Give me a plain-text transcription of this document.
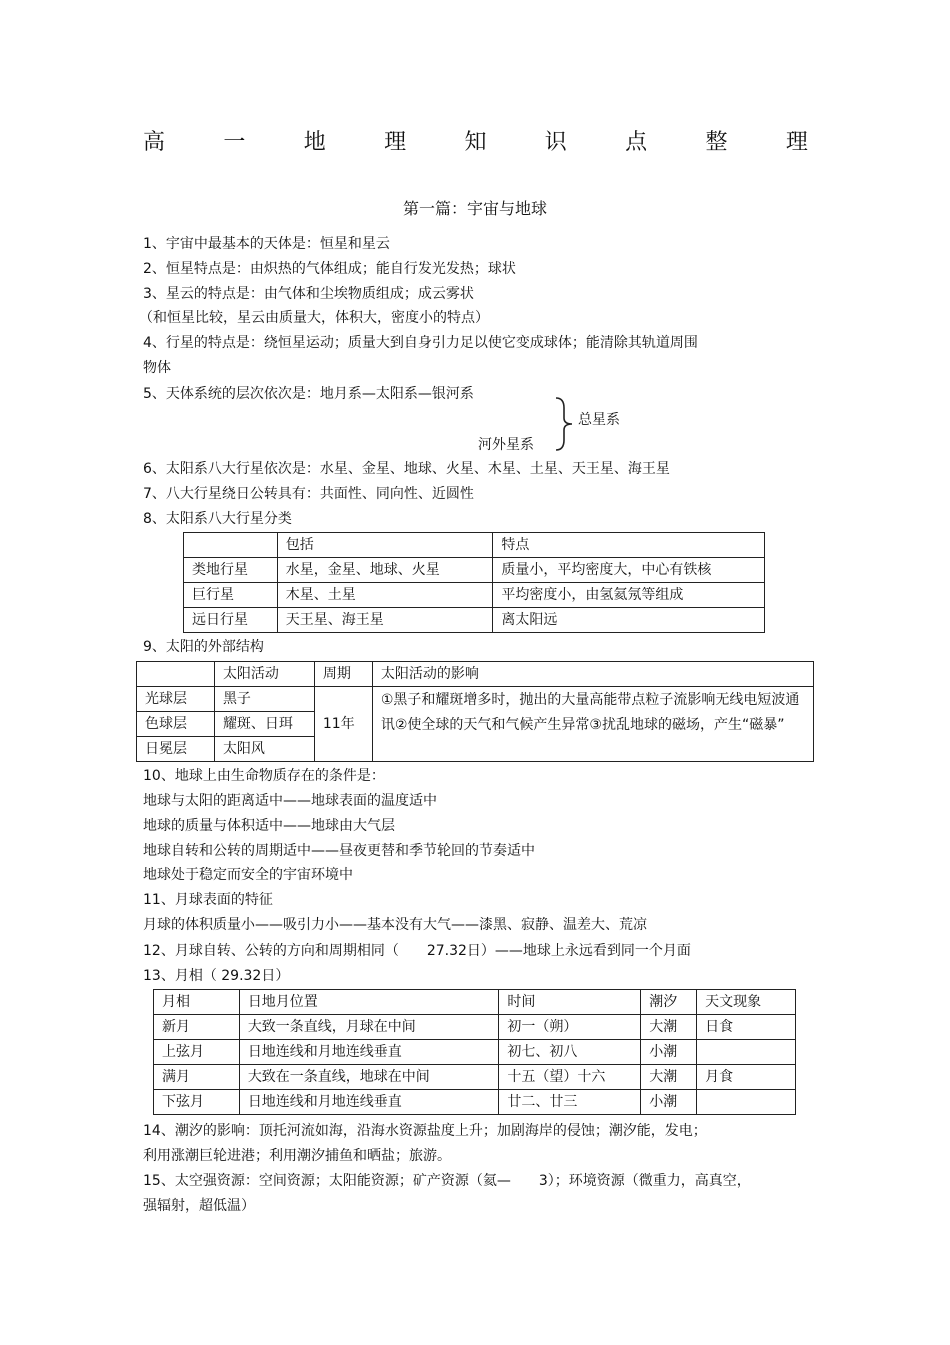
高	一	地	理	知	识	点	整	理
第一篇：宇宙与地球
1、宇宙中最基本的天体是：恒星和星云
2、恒星特点是：由炽热的气体组成；能自行发光发热；球状
3、星云的特点是：由气体和尘埃物质组成；成云雾状
（和恒星比较，星云由质量大，体积大，密度小的特点）
4、行星的特点是：绕恒星运动；质量大到自身引力足以使它变成球体；能清除其轨道周围
物体
5、天体系统的层次依次是：地月系—太阳系—银河系
总星系
河外星系
6、太阳系八大行星依次是：水星、金星、地球、火星、木星、土星、天王星、海王星
7、八大行星绕日公转具有：共面性、同向性、近圆性
8、太阳系八大行星分类
	包括	特点
类地行星	水星，金星、地球、火星	质量小，平均密度大，中心有铁核
巨行星	木星、土星	平均密度小，由氢氦氖等组成
远日行星	天王星、海王星	离太阳远
9、太阳的外部结构
	太阳活动	周期	太阳活动的影响
光球层	黑子	11年	①黑子和耀斑增多时，抛出的大量高能带点粒子流影响无线电短波通讯②使全球的天气和气候产生异常③扰乱地球的磁场，产生“磁暴”
色球层	耀斑、日珥		
日冕层	太阳风		
10、地球上由生命物质存在的条件是：
地球与太阳的距离适中——地球表面的温度适中
地球的质量与体积适中——地球由大气层
地球自转和公转的周期适中——昼夜更替和季节轮回的节奏适中
地球处于稳定而安全的宇宙环境中
11、月球表面的特征
月球的体积质量小——吸引力小——基本没有大气——漆黑、寂静、温差大、荒凉
12、月球自转、公转的方向和周期相同（　　27.32日）——地球上永远看到同一个月面
13、月相（ 29.32日）
月相	日地月位置	时间	潮汐	天文现象
新月	大致一条直线，月球在中间	初一（朔）	大潮	日食
上弦月	日地连线和月地连线垂直	初七、初八	小潮	
满月	大致在一条直线，地球在中间	十五（望）十六	大潮	月食
下弦月	日地连线和月地连线垂直	廿二、廿三	小潮	
14、潮汐的影响：顶托河流如海，沿海水资源盐度上升；加剧海岸的侵蚀；潮汐能，发电；
利用涨潮巨轮进港；利用潮汐捕鱼和晒盐；旅游。
15、太空强资源：空间资源；太阳能资源；矿产资源（氦—　　3）；环境资源（微重力，高真空，
强辐射，超低温）
